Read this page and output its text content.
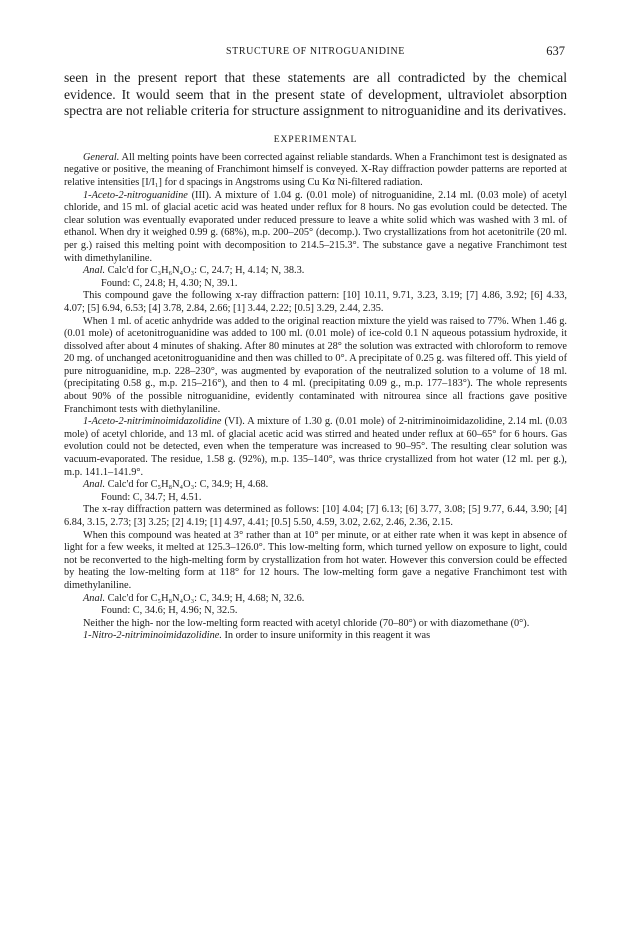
STRUCTURE OF NITROGUANIDINE	637

seen in the present report that these statements are all contradicted by the chemical evidence. It would seem that in the present state of development, ultraviolet absorption spectra are not reliable criteria for structure assignment to nitroguanidine and its derivatives.

EXPERIMENTAL

General. All melting points have been corrected against reliable standards. When a Franchimont test is designated as negative or positive, the meaning of Franchimont himself is conveyed. X-Ray diffraction powder patterns are reported at relative intensities [I/I₁] for d spacings in Angstroms using Cu Kα Ni-filtered radiation.

1-Aceto-2-nitroguanidine (III). A mixture of 1.04 g. (0.01 mole) of nitroguanidine, 2.14 ml. (0.03 mole) of acetyl chloride, and 15 ml. of glacial acetic acid was heated under reflux for 8 hours. No gas evolution could be detected. The clear solution was eventually evaporated under reduced pressure to leave a white solid which was washed with 3 ml. of ethanol. When dry it weighed 0.99 g. (68%), m.p. 200–205° (decomp.). Two crystallizations from hot acetonitrile (20 ml. per g.) raised this melting point with decomposition to 214.5–215.3°. The substance gave a negative Franchimont test with dimethylaniline.

Anal. Calc'd for C₃H₆N₄O₃: C, 24.7; H, 4.14; N, 38.3.

Found: C, 24.8; H, 4.30; N, 39.1.

This compound gave the following x-ray diffraction pattern: [10] 10.11, 9.71, 3.23, 3.19; [7] 4.86, 3.92; [6] 4.33, 4.07; [5] 6.94, 6.53; [4] 3.78, 2.84, 2.66; [1] 3.44, 2.22; [0.5] 3.29, 2.44, 2.35.

When 1 ml. of acetic anhydride was added to the original reaction mixture the yield was raised to 77%. When 1.46 g. (0.01 mole) of acetonitroguanidine was added to 100 ml. (0.01 mole) of ice-cold 0.1 N aqueous potassium hydroxide, it dissolved after about 4 minutes of shaking. After 80 minutes at 28° the solution was extracted with chloroform to remove 20 mg. of unchanged acetonitroguanidine and then was chilled to 0°. A precipitate of 0.25 g. was filtered off. This yield of pure nitroguanidine, m.p. 228–230°, was augmented by evaporation of the neutralized solution to a volume of 18 ml. (precipitating 0.58 g., m.p. 215–216°), and then to 4 ml. (precipitating 0.09 g., m.p. 177–183°). The whole represents about 90% of the possible nitroguanidine, evidently contaminated with nitrourea since all fractions gave positive Franchimont tests with diethylaniline.

1-Aceto-2-nitriminoimidazolidine (VI). A mixture of 1.30 g. (0.01 mole) of 2-nitriminoimidazolidine, 2.14 ml. (0.03 mole) of acetyl chloride, and 13 ml. of glacial acetic acid was stirred and heated under reflux at 60–65° for 6 hours. Gas evolution could not be detected, even when the temperature was increased to 90–95°. The resulting clear solution was vacuum-evaporated. The residue, 1.58 g. (92%), m.p. 135–140°, was thrice crystallized from hot water (12 ml. per g.), m.p. 141.1–141.9°.

Anal. Calc'd for C₅H₈N₄O₃: C, 34.9; H, 4.68.

Found: C, 34.7; H, 4.51.

The x-ray diffraction pattern was determined as follows: [10] 4.04; [7] 6.13; [6] 3.77, 3.08; [5] 9.77, 6.44, 3.90; [4] 6.84, 3.15, 2.73; [3] 3.25; [2] 4.19; [1] 4.97, 4.41; [0.5] 5.50, 4.59, 3.02, 2.62, 2.46, 2.36, 2.15.

When this compound was heated at 3° rather than at 10° per minute, or at either rate when it was kept in absence of light for a few weeks, it melted at 125.3–126.0°. This low-melting form, which turned yellow on exposure to light, could not be reconverted to the high-melting form by crystallization from hot water. However this conversion could be effected by heating the low-melting form at 118° for 12 hours. The low-melting form gave a negative Franchimont test with dimethylaniline.

Anal. Calc'd for C₅H₈N₄O₃: C, 34.9; H, 4.68; N, 32.6.

Found: C, 34.6; H, 4.96; N, 32.5.

Neither the high- nor the low-melting form reacted with acetyl chloride (70–80°) or with diazomethane (0°).

1-Nitro-2-nitriminoimidazolidine. In order to insure uniformity in this reagent it was
